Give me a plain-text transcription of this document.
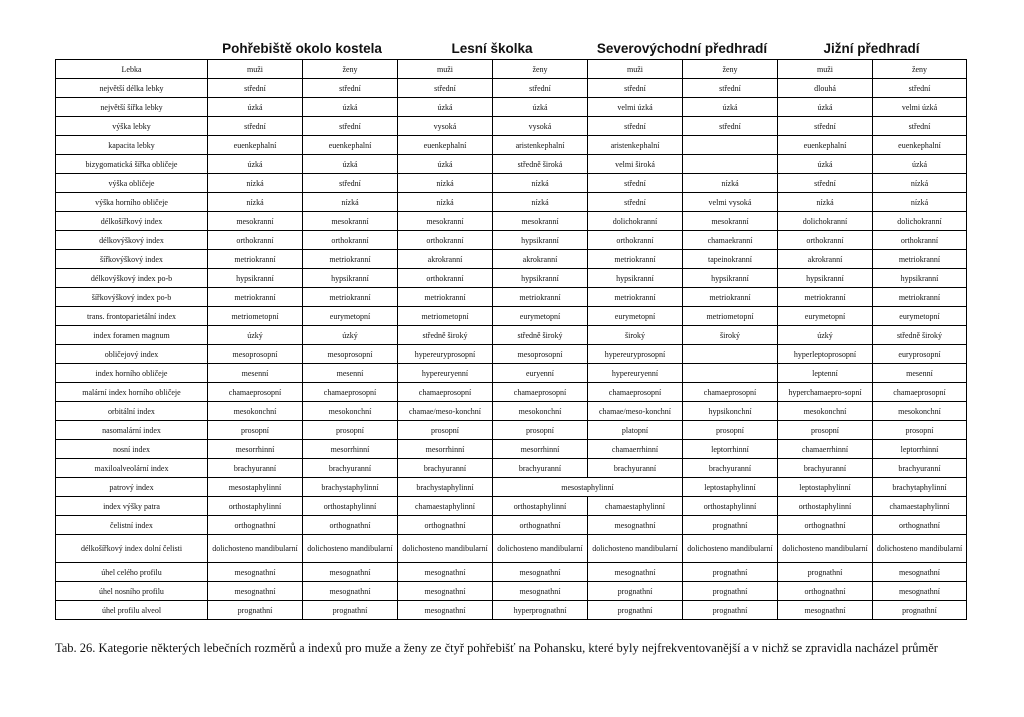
Pohřebiště okolo kostela	Lesní školka	Severovýchodní předhradí	Jižní předhradí
Lebka	muži	ženy	muži	ženy	muži	ženy	muži	ženy
největší délka lebky	střední	střední	střední	střední	střední	střední	dlouhá	střední
největší šířka lebky	úzká	úzká	úzká	úzká	velmi úzká	úzká	úzká	velmi úzká
výška lebky	střední	střední	vysoká	vysoká	střední	střední	střední	střední
kapacita lebky	euenkephalní	euenkephalní	euenkephalní	aristenkephalní	aristenkephalní		euenkephalní	euenkephalní
bizygomatická šířka obličeje	úzká	úzká	úzká	středně široká	velmi široká		úzká	úzká
výška obličeje	nízká	střední	nízká	nízká	střední	nízká	střední	nízká
výška horního obličeje	nízká	nízká	nízká	nízká	střední	velmi vysoká	nízká	nízká
délkošířkový index	mesokranní	mesokranní	mesokranní	mesokranní	dolichokranní	mesokranní	dolichokranní	dolichokranní
délkovýškový index	orthokranní	orthokranní	orthokranní	hypsikranní	orthokranní	chamaekranní	orthokranní	orthokranní
šířkovýškový index	metriokranní	metriokranní	akrokranní	akrokranní	metriokranní	tapeinokranní	akrokranní	metriokranní
délkovýškový index po-b	hypsikranní	hypsikranní	orthokranní	hypsikranní	hypsikranní	hypsikranní	hypsikranní	hypsikranní
šířkovýškový index po-b	metriokranní	metriokranní	metriokranní	metriokranní	metriokranní	metriokranní	metriokranní	metriokranní
trans. frontoparietální index	metriometopní	eurymetopní	metriometopní	eurymetopní	eurymetopní	metriometopní	eurymetopní	eurymetopní
index foramen magnum	úzký	úzký	středně široký	středně široký	široký	široký	úzký	středně široký
obličejový index	mesoprosopní	mesoprosopní	hypereuryprosopní	mesoprosopní	hypereuryprosopní		hyperleptoprosopní	euryprosopní
index horního obličeje	mesenní	mesenní	hypereuryenní	euryenní	hypereuryenní		leptenní	mesenní
malární index horního obličeje	chamaeprosopní	chamaeprosopní	chamaeprosopní	chamaeprosopní	chamaeprosopní	chamaeprosopní	hyperchamaepro-sopní	chamaeprosopní
orbitální index	mesokonchní	mesokonchní	chamae/meso-konchní	mesokonchní	chamae/meso-konchní	hypsikonchní	mesokonchní	mesokonchní
nasomalární index	prosopní	prosopní	prosopní	prosopní	platopní	prosopní	prosopní	prosopní
nosní index	mesorrhinní	mesorrhinní	mesorrhinní	mesorrhinní	chamaerrhinní	leptorrhinní	chamaerrhinní	leptorrhinní
maxiloalveolární index	brachyuranní	brachyuranní	brachyuranní	brachyuranní	brachyuranní	brachyuranní	brachyuranní	brachyuranní
patrový index	mesostaphylinní	brachystaphylinní	brachystaphylinní	mesostaphylinní		leptostaphylinní	leptostaphylinní	brachytaphylinní
index výšky patra	orthostaphylinní	orthostaphylinní	chamaestaphylinní	orthostaphylinní	chamaestaphylinní	orthostaphylinní	orthostaphylinní	chamaestaphylinní
čelistní index	orthognathní	orthognathní	orthognathní	orthognathní	mesognathní	prognathní	orthognathní	orthognathní
délkošířkový index dolní čelisti	dolichosteno mandibularní	dolichosteno mandibularní	dolichosteno mandibularní	dolichosteno mandibularní	dolichosteno mandibularní	dolichosteno mandibularní	dolichosteno mandibularní	dolichosteno mandibularní
úhel celého profilu	mesognathní	mesognathní	mesognathní	mesognathní	mesognathní	prognathní	prognathní	mesognathní
úhel nosního profilu	mesognathní	mesognathní	mesognathní	mesognathní	prognathní	prognathní	orthognathní	mesognathní
úhel profilu alveol	prognathní	prognathní	mesognathní	hyperprognathní	prognathní	prognathní	mesognathní	prognathní
Tab. 26. Kategorie některých lebečních rozměrů a indexů pro muže a ženy ze čtyř pohřebišť na Pohansku, které byly nejfrekventovanější a v nichž se zpravidla nacházel průměr
